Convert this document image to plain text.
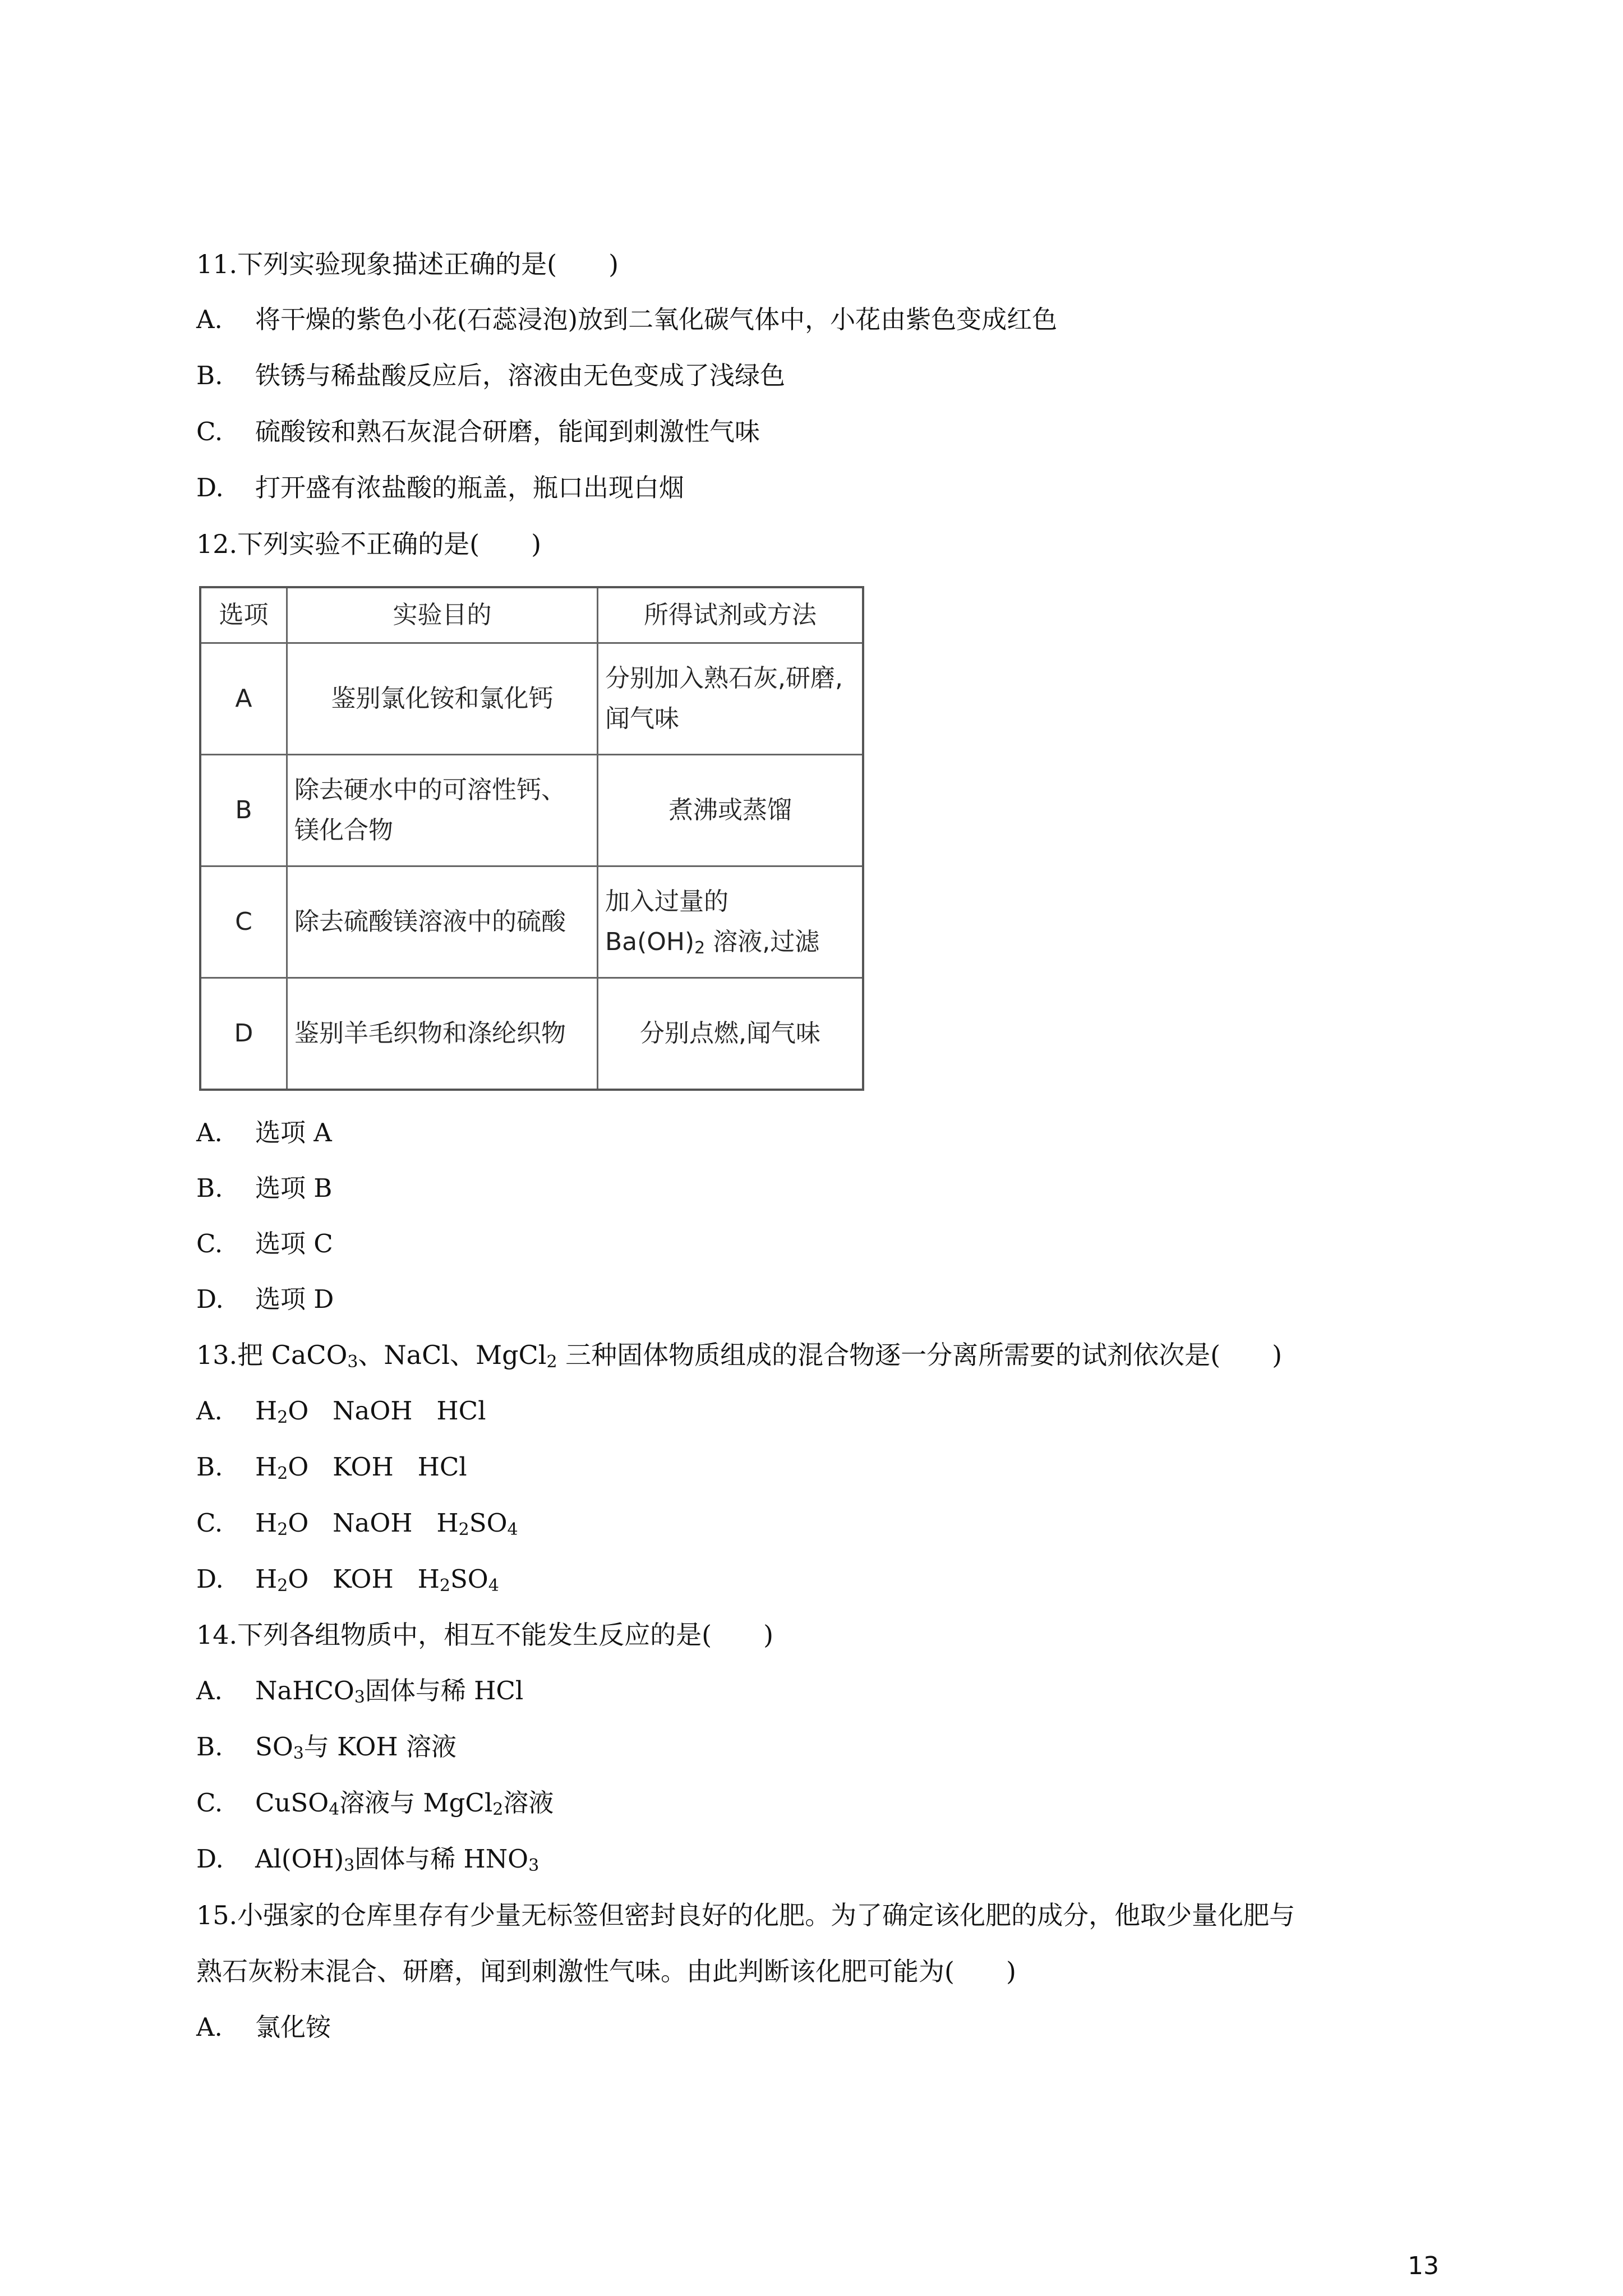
11.下列实验现象描述正确的是(　　)
A. 将干燥的紫色小花(石蕊浸泡)放到二氧化碳气体中，小花由紫色变成红色
B. 铁锈与稀盐酸反应后，溶液由无色变成了浅绿色
C. 硫酸铵和熟石灰混合研磨，能闻到刺激性气味
D. 打开盛有浓盐酸的瓶盖，瓶口出现白烟
12.下列实验不正确的是(　　)
选项	实验目的	所得试剂或方法
A	鉴别氯化铵和氯化钙	分别加入熟石灰,研磨,闻气味
B	除去硬水中的可溶性钙、镁化合物	煮沸或蒸馏
C	除去硫酸镁溶液中的硫酸	加入过量的
$Ba(OH)_2$ 溶液,过滤
D	鉴别羊毛织物和涤纶织物	分别点燃,闻气味
A. 选项 A
B. 选项 B
C. 选项 C
D. 选项 D
13.把 CaCO$_3$、NaCl、MgCl$_2$ 三种固体物质组成的混合物逐一分离所需要的试剂依次是(　　)
A. $H_2O$   NaOH   HCl
B. $H_2O$   KOH   HCl
C. $H_2O$   NaOH   $H_2SO_4$
D. $H_2O$   KOH   $H_2SO_4$
14.下列各组物质中，相互不能发生反应的是(　　)
A. NaHCO$_3$固体与稀 HCl
B. $SO_3$与 KOH 溶液
C. CuSO$_4$溶液与 MgCl$_2$溶液
D. $Al(OH)_3$固体与稀 $HNO_3$
15.小强家的仓库里存有少量无标签但密封良好的化肥。为了确定该化肥的成分，他取少量化肥与
熟石灰粉末混合、研磨，闻到刺激性气味。由此判断该化肥可能为(　　)
A. 氯化铵
13
